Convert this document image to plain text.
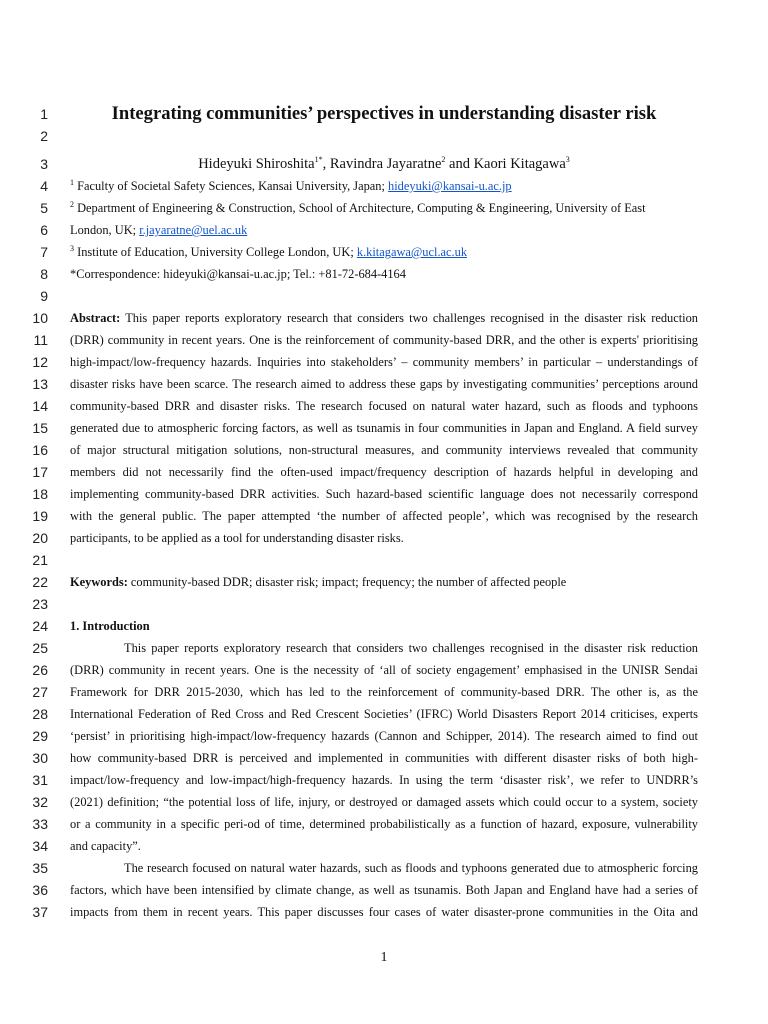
1
2
3
4
5
6
7
8
9
10
11
12
13
14
15
16
17
18
19
20
21
22
23
24
25
26
27
28
29
30
31
32
33
34
35
36
37
Integrating communities’ perspectives in understanding disaster risk
Hideyuki Shiroshita$^{1*}$, Ravindra Jayaratne$^2$ and Kaori Kitagawa$^3$
$^1$ Faculty of Societal Safety Sciences, Kansai University, Japan; hideyuki@kansai-u.ac.jp
$^2$ Department of Engineering & Construction, School of Architecture, Computing & Engineering, University of East
London, UK; r.jayaratne@uel.ac.uk
$^3$ Institute of Education, University College London, UK; k.kitagawa@ucl.ac.uk
*Correspondence: hideyuki@kansai-u.ac.jp; Tel.: +81-72-684-4164
Abstract: This paper reports exploratory research that considers two challenges recognised in the disaster risk reduction
(DRR) community in recent years. One is the reinforcement of community-based DRR, and the other is experts' prioritising
high-impact/low-frequency hazards. Inquiries into stakeholders’ – community members’ in particular – understandings of
disaster risks have been scarce. The research aimed to address these gaps by investigating communities’ perceptions around
community-based DRR and disaster risks. The research focused on natural water hazard, such as floods and typhoons
generated due to atmospheric forcing factors, as well as tsunamis in four communities in Japan and England. A field survey
of major structural mitigation solutions, non-structural measures, and community interviews revealed that community
members did not necessarily find the often-used impact/frequency description of hazards helpful in developing and
implementing community-based DRR activities. Such hazard-based scientific language does not necessarily correspond
with the general public. The paper attempted ‘the number of affected people’, which was recognised by the research
participants, to be applied as a tool for understanding disaster risks.
Keywords: community-based DDR; disaster risk; impact; frequency; the number of affected people
1. Introduction
This paper reports exploratory research that considers two challenges recognised in the disaster risk reduction
(DRR) community in recent years. One is the necessity of ‘all of society engagement’ emphasised in the UNISR Sendai
Framework for DRR 2015-2030, which has led to the reinforcement of community-based DRR. The other is, as the
International Federation of Red Cross and Red Crescent Societies’ (IFRC) World Disasters Report 2014 criticises, experts
‘persist’ in prioritising high-impact/low-frequency hazards (Cannon and Schipper, 2014). The research aimed to find out
how community-based DRR is perceived and implemented in communities with different disaster risks of both high-
impact/low-frequency and low-impact/high-frequency hazards. In using the term ‘disaster risk’, we refer to UNDRR’s
(2021) definition; “the potential loss of life, injury, or destroyed or damaged assets which could occur to a system, society
or a community in a specific peri-od of time, determined probabilistically as a function of hazard, exposure, vulnerability
and capacity”.
The research focused on natural water hazards, such as floods and typhoons generated due to atmospheric forcing
factors, which have been intensified by climate change, as well as tsunamis. Both Japan and England have had a series of
impacts from them in recent years. This paper discusses four cases of water disaster-prone communities in the Oita and
1
